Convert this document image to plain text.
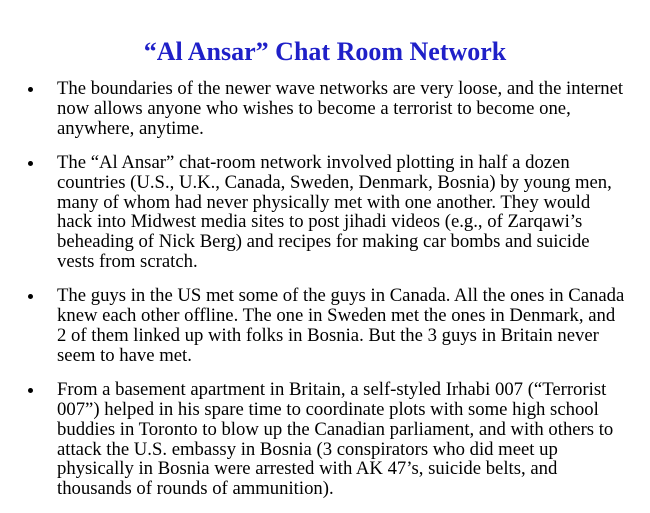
“Al Ansar” Chat Room Network
The boundaries of the newer wave networks are very loose, and the internet now allows anyone who wishes to become a terrorist to become one, anywhere, anytime.
The “Al Ansar” chat-room network involved plotting in half a dozen countries (U.S., U.K., Canada, Sweden, Denmark, Bosnia) by young men, many of whom had never physically met with one another. They would hack into Midwest media sites to post jihadi videos (e.g., of Zarqawi’s beheading of Nick Berg) and recipes for making car bombs and suicide vests from scratch.
The guys in the US met some of the guys in Canada. All the ones in Canada knew each other offline. The one in Sweden met the ones in Denmark, and 2 of them linked up with folks in Bosnia. But the 3 guys in Britain never seem to have met.
From a basement apartment in Britain, a self-styled Irhabi 007 (“Terrorist 007”) helped in his spare time to coordinate plots with some high school buddies in Toronto to blow up the Canadian parliament, and with others to attack the U.S. embassy in Bosnia (3 conspirators who did meet up physically in Bosnia were arrested with AK 47’s, suicide belts, and thousands of rounds of ammunition).
